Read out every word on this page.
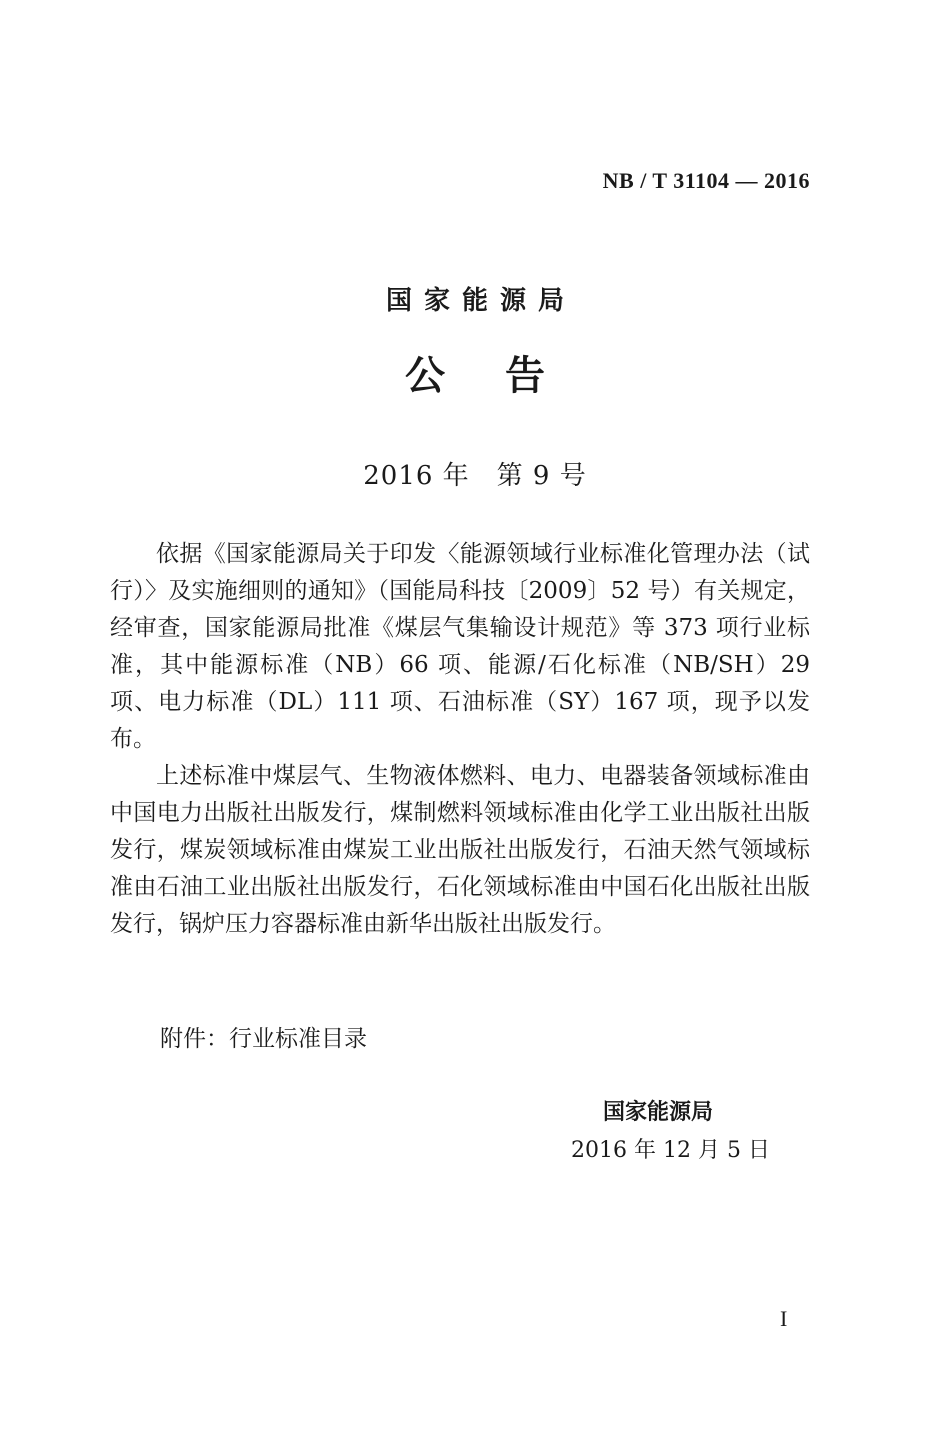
NB / T 31104 — 2016
国家能源局
公告
2016 年　第 9 号

依据《国家能源局关于印发〈能源领域行业标准化管理办法（试行）〉及实施细则的通知》（国能局科技〔2009〕52 号）有关规定，经审查，国家能源局批准《煤层气集输设计规范》等 373 项行业标准，其中能源标准（NB）66 项、能源/石化标准（NB/SH）29 项、电力标准（DL）111 项、石油标准（SY）167 项，现予以发布。

上述标准中煤层气、生物液体燃料、电力、电器装备领域标准由中国电力出版社出版发行，煤制燃料领域标准由化学工业出版社出版发行，煤炭领域标准由煤炭工业出版社出版发行，石油天然气领域标准由石油工业出版社出版发行，石化领域标准由中国石化出版社出版发行，锅炉压力容器标准由新华出版社出版发行。

附件：行业标准目录
国家能源局
2016 年 12 月 5 日
I
